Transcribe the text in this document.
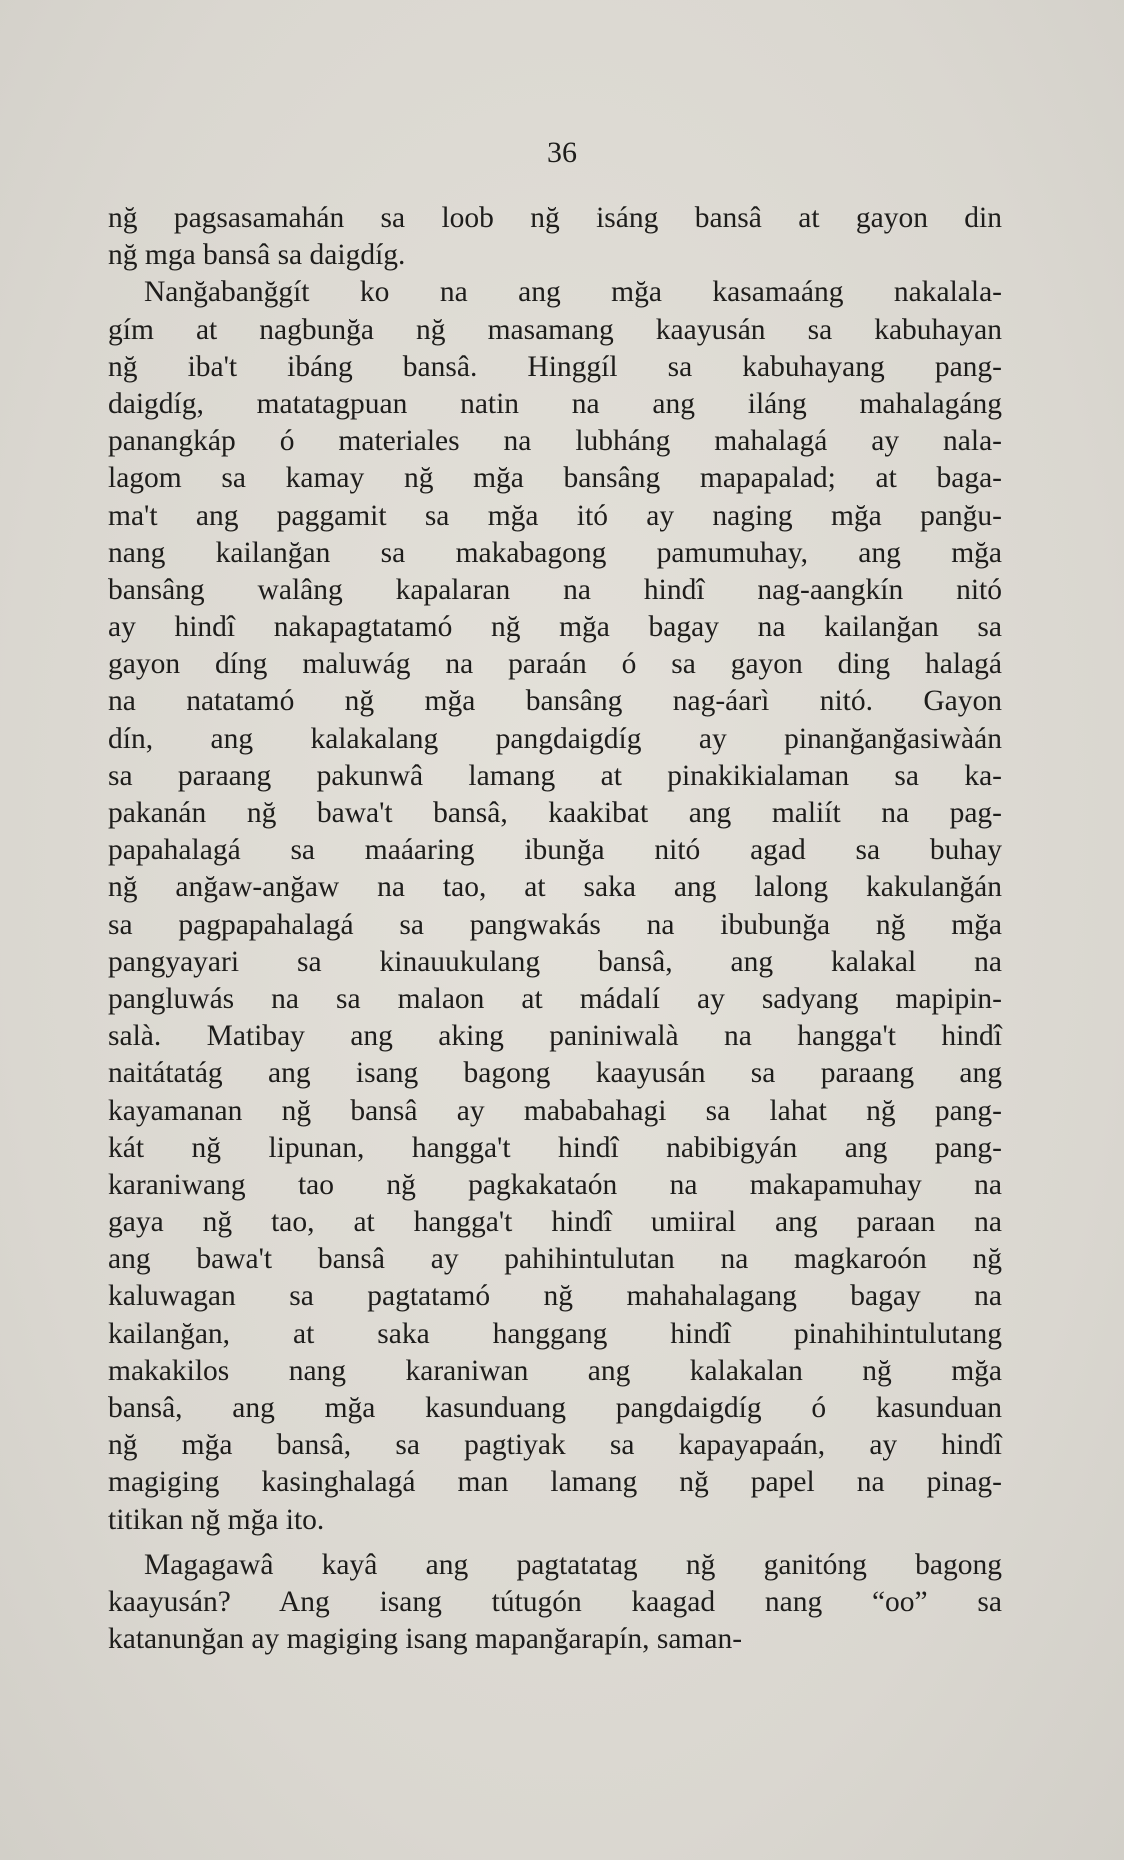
36
nğ pagsasamahán sa loob nğ isáng bansâ at gayon din
nğ mga bansâ sa daigdíg.
Nanğabanğgít ko na ang mğa kasamaáng nakalala-
gím at nagbunğa nğ masamang kaayusán sa kabuhayan
nğ iba't ibáng bansâ. Hinggíl sa kabuhayang pang-
daigdíg, matatagpuan natin na ang iláng mahalagáng
panangkáp ó materiales na lubháng mahalagá ay nala-
lagom sa kamay nğ mğa bansâng mapapalad; at baga-
ma't ang paggamit sa mğa itó ay naging mğa panğu-
nang kailanğan sa makabagong pamumuhay, ang mğa
bansâng walâng kapalaran na hindî nag-aangkín nitó
ay hindî nakapagtatamó nğ mğa bagay na kailanğan sa
gayon díng maluwág na paraán ó sa gayon ding halagá
na natatamó nğ mğa bansâng nag-áarì nitó. Gayon
dín, ang kalakalang pangdaigdíg ay pinanğanğasiwàán
sa paraang pakunwâ lamang at pinakikialaman sa ka-
pakanán nğ bawa't bansâ, kaakibat ang maliít na pag-
papahalagá sa maáaring ibunğa nitó agad sa buhay
nğ anğaw-anğaw na tao, at saka ang lalong kakulanğán
sa pagpapahalagá sa pangwakás na ibubunğa nğ mğa
pangyayari sa kinauukulang bansâ, ang kalakal na
pangluwás na sa malaon at mádalí ay sadyang mapipin-
salà. Matibay ang aking paniniwalà na hangga't hindî
naitátatág ang isang bagong kaayusán sa paraang ang
kayamanan nğ bansâ ay mababahagi sa lahat nğ pang-
kát nğ lipunan, hangga't hindî nabibigyán ang pang-
karaniwang tao nğ pagkakataón na makapamuhay na
gaya nğ tao, at hangga't hindî umiiral ang paraan na
ang bawa't bansâ ay pahihintulutan na magkaroón nğ
kaluwagan sa pagtatamó nğ mahahalagang bagay na
kailanğan, at saka hanggang hindî pinahihintulutang
makakilos nang karaniwan ang kalakalan nğ mğa
bansâ, ang mğa kasunduang pangdaigdíg ó kasunduan
nğ mğa bansâ, sa pagtiyak sa kapayapaán, ay hindî
magiging kasinghalagá man lamang nğ papel na pinag-
titikan nğ mğa ito.
Magagawâ kayâ ang pagtatatag nğ ganitóng bagong
kaayusán? Ang isang tútugón kaagad nang “oo” sa
katanunğan ay magiging isang mapanğarapín, saman-
